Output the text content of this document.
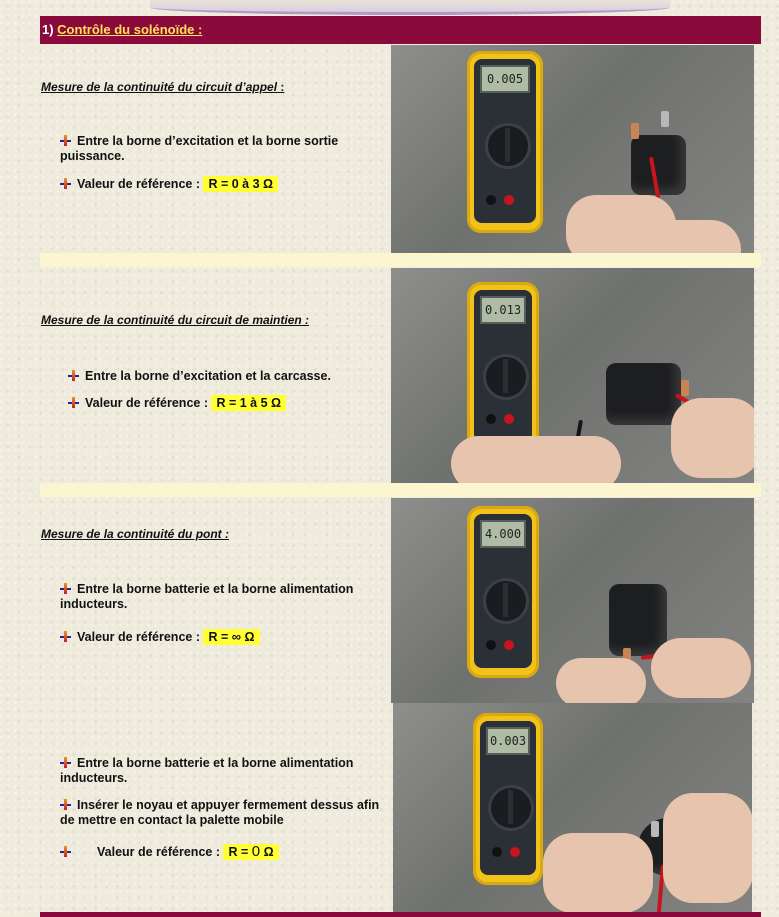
1) Contrôle du solénoïde :
Mesure de la continuité du circuit d’appel :
Entre la borne d’excitation et la borne sortie puissance.
Valeur de référence : R = 0 à 3 Ω
Mesure de la continuité du circuit de maintien :
Entre la borne d’excitation et la carcasse.
Valeur de référence : R = 1 à 5 Ω
Mesure de la continuité du pont :
Entre la borne batterie et la borne alimentation inducteurs.
Valeur de référence : R = ∞ Ω
Entre la borne batterie et la borne alimentation inducteurs.
Insérer le noyau et appuyer fermement dessus afin de mettre en contact la palette mobile
Valeur de référence : R = 0 Ω
0.005
0.013
4.000
0.003
